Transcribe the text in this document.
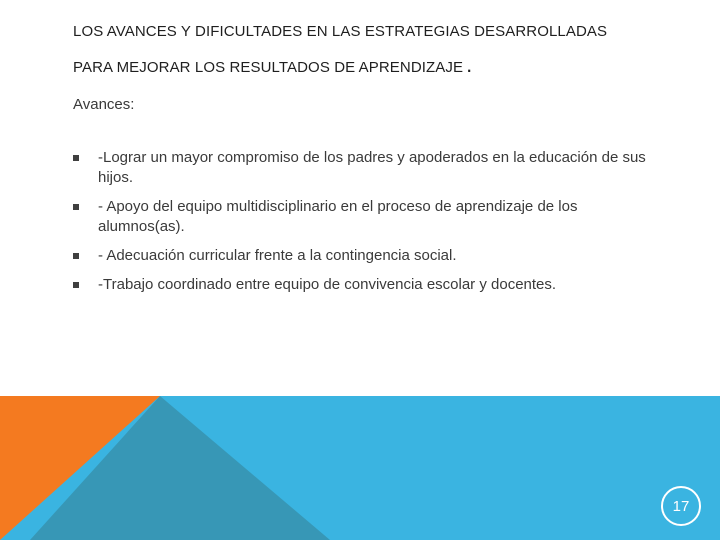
LOS AVANCES Y DIFICULTADES EN LAS ESTRATEGIAS DESARROLLADAS
PARA MEJORAR LOS RESULTADOS DE APRENDIZAJE .
Avances:
-Lograr un mayor compromiso de los padres y apoderados en la educación de sus hijos.
- Apoyo del equipo multidisciplinario en el proceso de aprendizaje de los alumnos(as).
- Adecuación curricular frente a la contingencia social.
-Trabajo coordinado entre equipo de convivencia escolar y docentes.
17
